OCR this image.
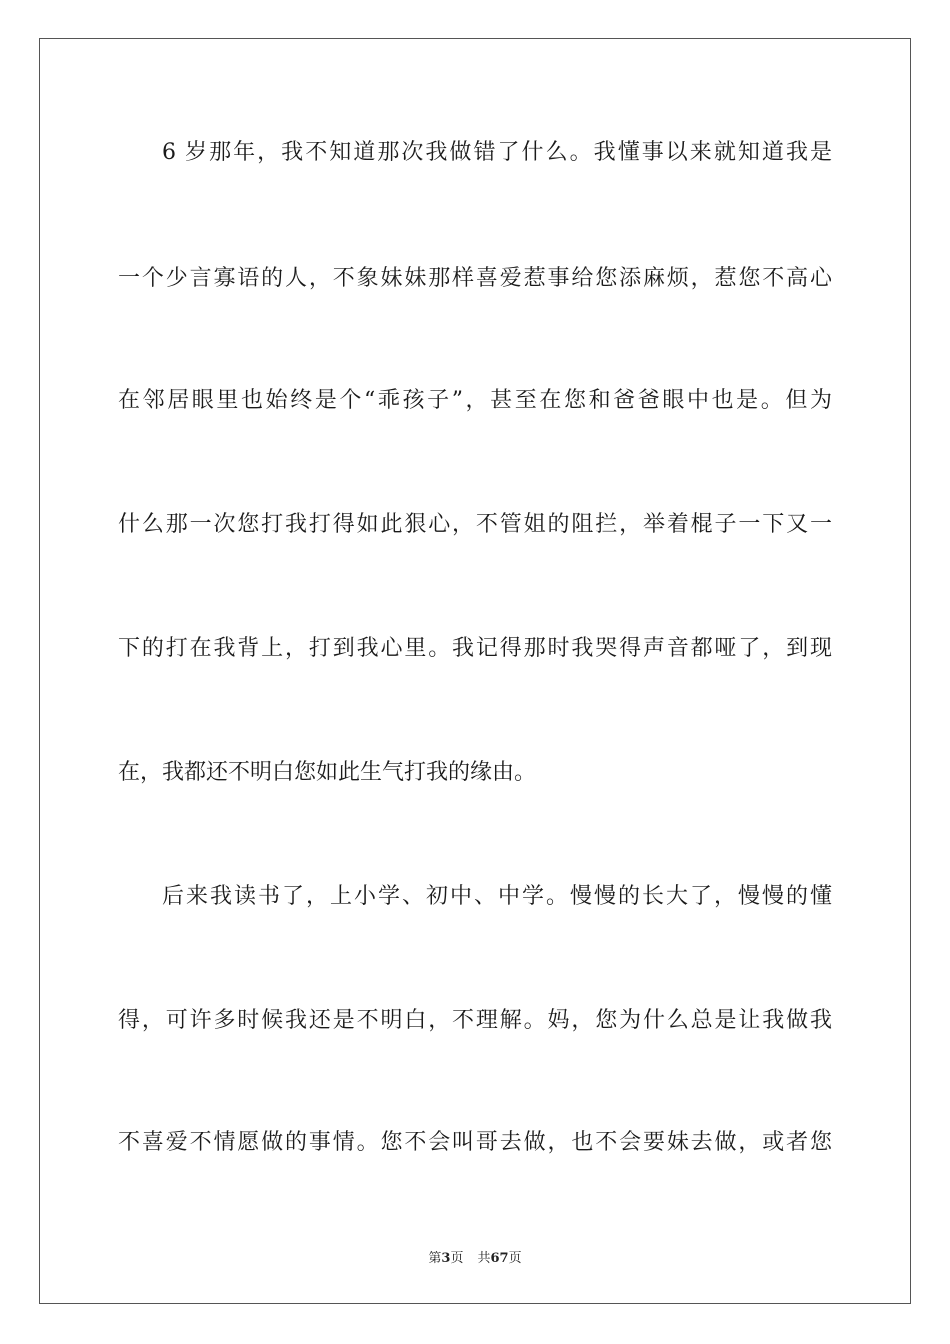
6 岁那年，我不知道那次我做错了什么。我懂事以来就知道我是
一个少言寡语的人，不象妹妹那样喜爱惹事给您添麻烦，惹您不高心
在邻居眼里也始终是个“乖孩子”，甚至在您和爸爸眼中也是。但为
什么那一次您打我打得如此狠心，不管姐的阻拦，举着棍子一下又一
下的打在我背上，打到我心里。我记得那时我哭得声音都哑了，到现
在，我都还不明白您如此生气打我的缘由。
后来我读书了，上小学、初中、中学。慢慢的长大了，慢慢的懂
得，可许多时候我还是不明白，不理解。妈，您为什么总是让我做我
不喜爱不情愿做的事情。您不会叫哥去做，也不会要妹去做，或者您
第3页 共67页
